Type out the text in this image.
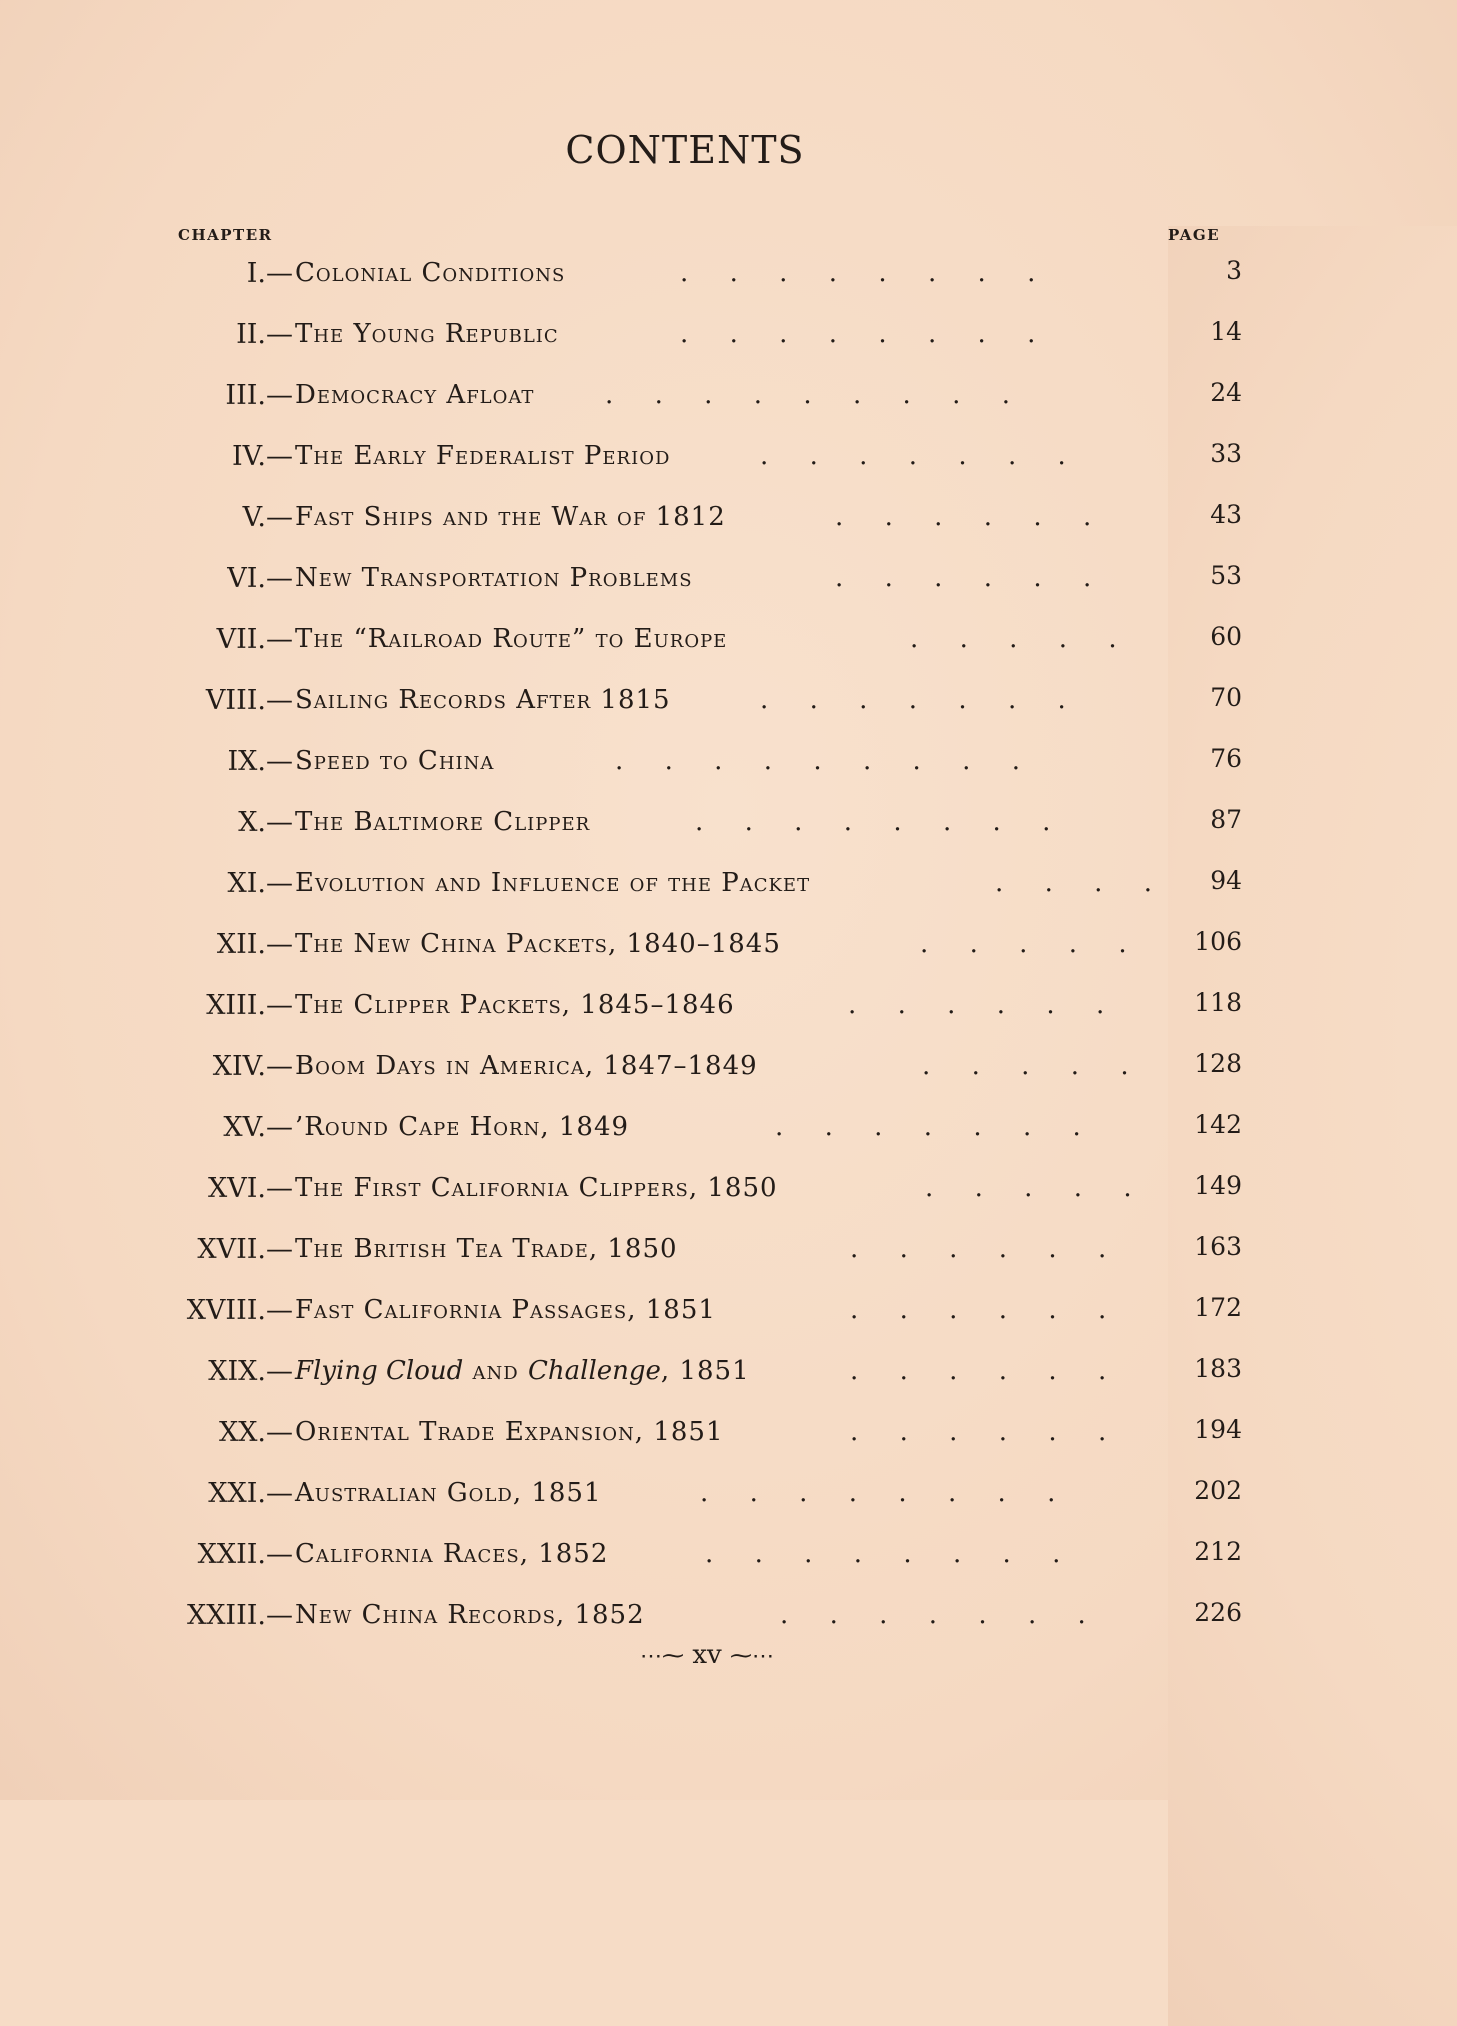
CONTENTS
CHAPTER	PAGE
I.— Colonial Conditions	.     .     .     .     .     .     .     .	3
II.— The Young Republic	.     .     .     .     .     .     .     .	14
III.— Democracy Afloat	.     .     .     .     .     .     .     .     .	24
IV.— The Early Federalist Period	.     .     .     .     .     .     .	33
V.— Fast Ships and the War of 1812	.     .     .     .     .     .	43
VI.— New Transportation Problems	.     .     .     .     .     .	53
VII.— The “Railroad Route” to Europe	.     .     .     .     .	60
VIII.— Sailing Records After 1815	.     .     .     .     .     .     .	70
IX.— Speed to China	.     .     .     .     .     .     .     .     .	76
X.— The Baltimore Clipper	.     .     .     .     .     .     .     .	87
XI.— Evolution and Influence of the Packet	.     .     .     . 94
XII.— The New China Packets, 1840–1845	.     .     .     .     .	106
XIII.— The Clipper Packets, 1845–1846	.     .     .     .     .     .	118
XIV.— Boom Days in America, 1847–1849	.     .     .     .     .	128
XV.— ’Round Cape Horn, 1849	.     .     .     .     .     .     .	142
XVI.— The First California Clippers, 1850	.     .     .     .     .	149
XVII.— The British Tea Trade, 1850	.     .     .     .     .     .	163
XVIII.— Fast California Passages, 1851	.     .     .     .     .     .	172
XIX.— Flying Cloud and Challenge, 1851	.     .     .     .     .     .	183
XX.— Oriental Trade Expansion, 1851	.     .     .     .     .     .	194
XXI.— Australian Gold, 1851	.     .     .     .     .     .     .     .	202
XXII.— California Races, 1852	.     .     .     .     .     .     .     .	212
XXIII.— New China Records, 1852	.     .     .     .     .     .     .	226
⋯⁓ xv ⁓⋯
